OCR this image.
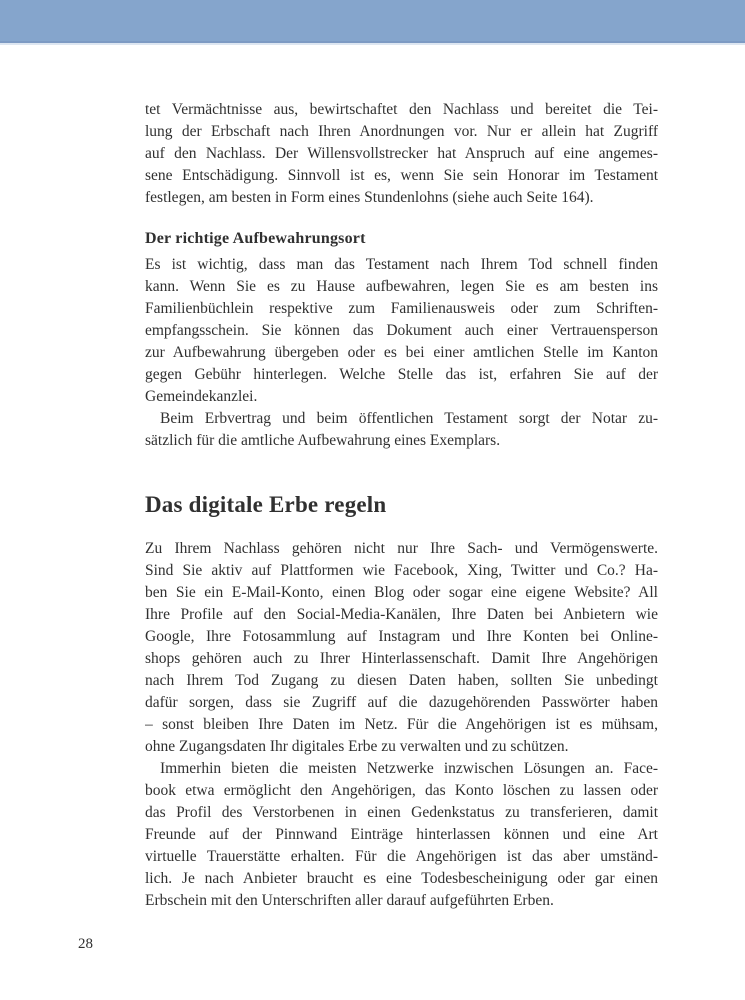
tet Vermächtnisse aus, bewirtschaftet den Nachlass und bereitet die Tei-
lung der Erbschaft nach Ihren Anordnungen vor. Nur er allein hat Zugriff
auf den Nachlass. Der Willensvollstrecker hat Anspruch auf eine angemes-
sene Entschädigung. Sinnvoll ist es, wenn Sie sein Honorar im Testament
festlegen, am besten in Form eines Stundenlohns (siehe auch Seite 164).

Der richtige Aufbewahrungsort

Es ist wichtig, dass man das Testament nach Ihrem Tod schnell finden
kann. Wenn Sie es zu Hause aufbewahren, legen Sie es am besten ins
Familienbüchlein respektive zum Familienausweis oder zum Schriften-
empfangsschein. Sie können das Dokument auch einer Vertrauensperson
zur Aufbewahrung übergeben oder es bei einer amtlichen Stelle im Kanton
gegen Gebühr hinterlegen. Welche Stelle das ist, erfahren Sie auf der
Gemeindekanzlei.

Beim Erbvertrag und beim öffentlichen Testament sorgt der Notar zu-
sätzlich für die amtliche Aufbewahrung eines Exemplars.

Das digitale Erbe regeln

Zu Ihrem Nachlass gehören nicht nur Ihre Sach- und Vermögenswerte.
Sind Sie aktiv auf Plattformen wie Facebook, Xing, Twitter und Co.? Ha-
ben Sie ein E-Mail-Konto, einen Blog oder sogar eine eigene Website? All
Ihre Profile auf den Social-Media-Kanälen, Ihre Daten bei Anbietern wie
Google, Ihre Fotosammlung auf Instagram und Ihre Konten bei Online-
shops gehören auch zu Ihrer Hinterlassenschaft. Damit Ihre Angehörigen
nach Ihrem Tod Zugang zu diesen Daten haben, sollten Sie unbedingt
dafür sorgen, dass sie Zugriff auf die dazugehörenden Passwörter haben
– sonst bleiben Ihre Daten im Netz. Für die Angehörigen ist es mühsam,
ohne Zugangsdaten Ihr digitales Erbe zu verwalten und zu schützen.

Immerhin bieten die meisten Netzwerke inzwischen Lösungen an. Face-
book etwa ermöglicht den Angehörigen, das Konto löschen zu lassen oder
das Profil des Verstorbenen in einen Gedenkstatus zu transferieren, damit
Freunde auf der Pinnwand Einträge hinterlassen können und eine Art
virtuelle Trauerstätte erhalten. Für die Angehörigen ist das aber umständ-
lich. Je nach Anbieter braucht es eine Todesbescheinigung oder gar einen
Erbschein mit den Unterschriften aller darauf aufgeführten Erben.

28
